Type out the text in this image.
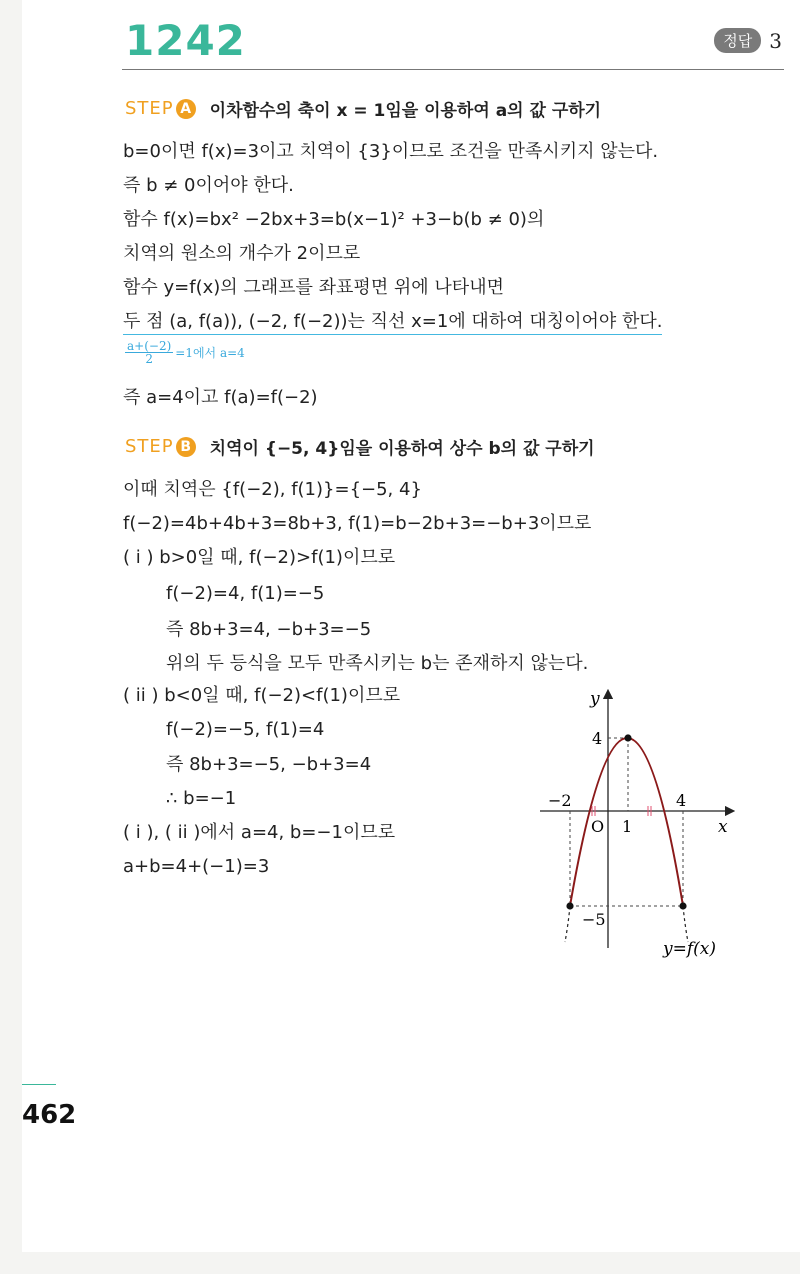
1242	정답 3
STEP A 이차함수의 축이 x = 1임을 이용하여 a의 값 구하기
b=0이면 f(x)=3이고 치역이 {3}이므로 조건을 만족시키지 않는다.
즉 b ≠ 0이어야 한다.
함수 f(x)=bx² −2bx+3=b(x−1)² +3−b(b ≠ 0)의
치역의 원소의 개수가 2이므로
함수 y=f(x)의 그래프를 좌표평면 위에 나타내면
두 점 (a, f(a)), (−2, f(−2))는 직선 x=1에 대하여 대칭이어야 한다.
$\frac{a+(-2)}{2} =1$에서 a=4
즉 a=4이고 f(a)=f(−2)
STEP B 치역이 {−5, 4}임을 이용하여 상수 b의 값 구하기
이때 치역은 {f(−2), f(1)}={−5, 4}
f(−2)=4b+4b+3=8b+3, f(1)=b−2b+3=−b+3이므로
( i ) b>0일 때, f(−2)>f(1)이므로
f(−2)=4, f(1)=−5
즉 8b+3=4, −b+3=−5
위의 두 등식을 모두 만족시키는 b는 존재하지 않는다.
( ii ) b<0일 때, f(−2)<f(1)이므로
f(−2)=−5, f(1)=4
즉 8b+3=−5, −b+3=4
∴ b=−1
( i ), ( ii )에서 a=4, b=−1이므로
a+b=4+(−1)=3
y
x
O
4
−2
1
4
−5
y=f(x)
462
